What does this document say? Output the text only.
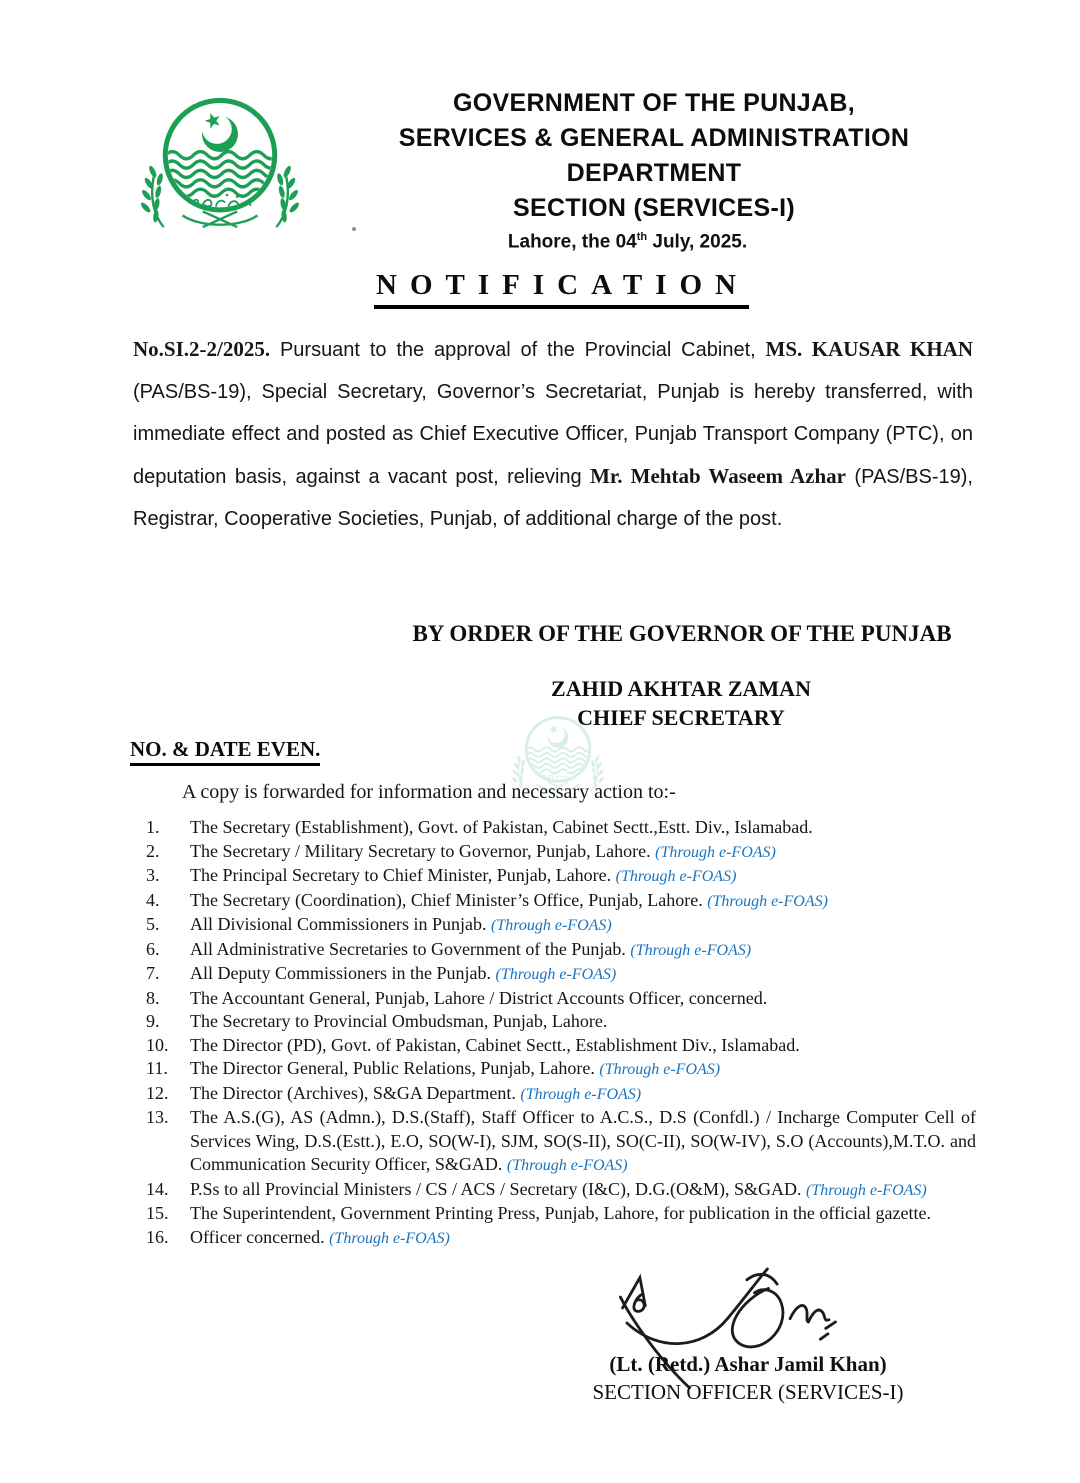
GOVERNMENT OF THE PUNJAB,
SERVICES & GENERAL ADMINISTRATION
DEPARTMENT
SECTION (SERVICES-I)
Lahore, the 04th July, 2025.
NOTIFICATION
No.SI.2-2/2025. Pursuant to the approval of the Provincial Cabinet, MS. KAUSAR KHAN (PAS/BS-19), Special Secretary, Governor’s Secretariat, Punjab is hereby transferred, with immediate effect and posted as Chief Executive Officer, Punjab Transport Company (PTC), on deputation basis, against a vacant post, relieving Mr. Mehtab Waseem Azhar (PAS/BS-19), Registrar, Cooperative Societies, Punjab, of additional charge of the post.
BY ORDER OF THE GOVERNOR OF THE PUNJAB
ZAHID AKHTAR ZAMAN
CHIEF SECRETARY
NO. & DATE EVEN.
A copy is forwarded for information and necessary action to:-
1.	The Secretary (Establishment), Govt. of Pakistan, Cabinet Sectt.,Estt. Div., Islamabad.
2.	The Secretary / Military Secretary to Governor, Punjab, Lahore. (Through e-FOAS)
3.	The Principal Secretary to Chief Minister, Punjab, Lahore. (Through e-FOAS)
4.	The Secretary (Coordination), Chief Minister’s Office, Punjab, Lahore. (Through e-FOAS)
5.	All Divisional Commissioners in Punjab. (Through e-FOAS)
6.	All Administrative Secretaries to Government of the Punjab. (Through e-FOAS)
7.	All Deputy Commissioners in the Punjab. (Through e-FOAS)
8.	The Accountant General, Punjab, Lahore / District Accounts Officer, concerned.
9.	The Secretary to Provincial Ombudsman, Punjab, Lahore.
10.	The Director (PD), Govt. of Pakistan, Cabinet Sectt., Establishment Div., Islamabad.
11.	The Director General, Public Relations, Punjab, Lahore. (Through e-FOAS)
12.	The Director (Archives), S&GA Department. (Through e-FOAS)
13.	The A.S.(G), AS (Admn.), D.S.(Staff), Staff Officer to A.C.S., D.S (Confdl.) / Incharge Computer Cell of Services Wing, D.S.(Estt.), E.O, SO(W-I), SJM, SO(S-II), SO(C-II), SO(W-IV), S.O (Accounts),M.T.O. and Communication Security Officer, S&GAD. (Through e-FOAS)
14.	P.Ss to all Provincial Ministers / CS / ACS / Secretary (I&C), D.G.(O&M), S&GAD. (Through e-FOAS)
15.	The Superintendent, Government Printing Press, Punjab, Lahore, for publication in the official gazette.
16.	Officer concerned. (Through e-FOAS)
(Lt. (Retd.) Ashar Jamil Khan)
SECTION OFFICER (SERVICES-I)
